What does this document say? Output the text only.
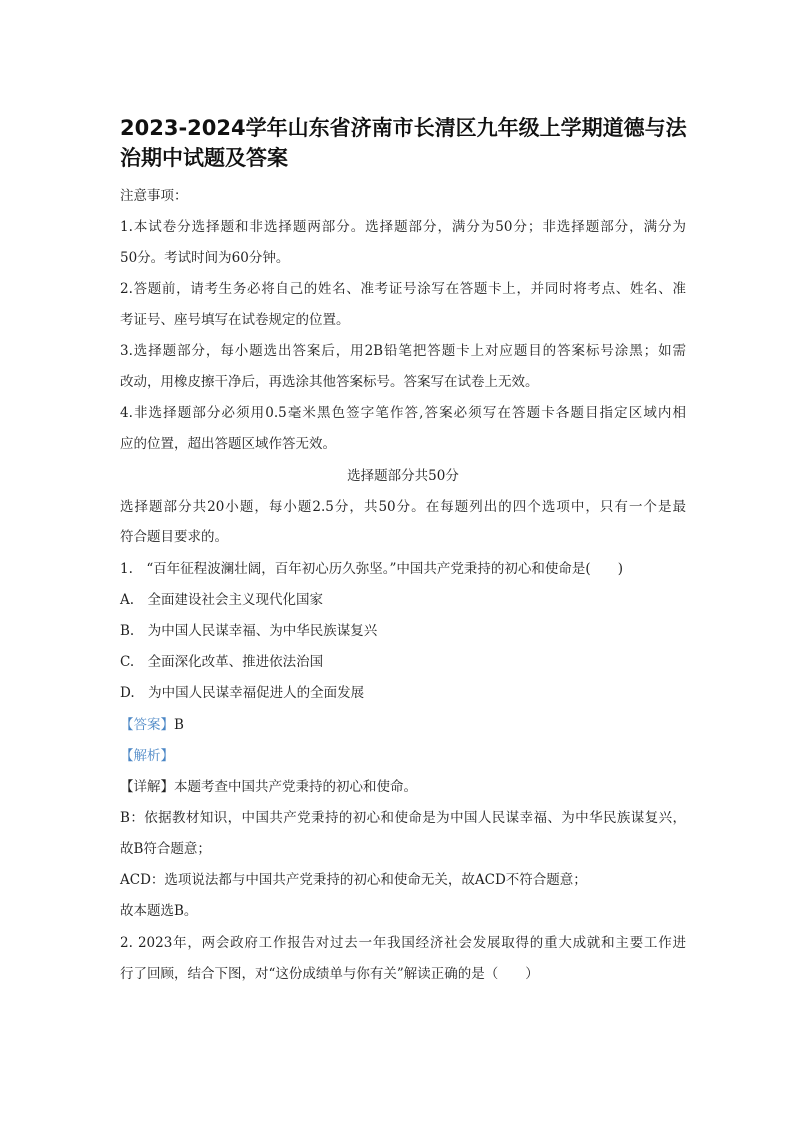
2023-2024学年山东省济南市长清区九年级上学期道德与法
治期中试题及答案
注意事项：
1.本试卷分选择题和非选择题两部分。选择题部分，满分为50分；非选择题部分，满分为
50分。考试时间为60分钟。
2.答题前，请考生务必将自己的姓名、准考证号涂写在答题卡上，并同时将考点、姓名、准
考证号、座号填写在试卷规定的位置。
3.选择题部分，每小题选出答案后，用2B铅笔把答题卡上对应题目的答案标号涂黑；如需
改动，用橡皮擦干净后，再选涂其他答案标号。答案写在试卷上无效。
4.非选择题部分必须用0.5毫米黑色签字笔作答,答案必须写在答题卡各题目指定区域内相
应的位置，超出答题区域作答无效。
选择题部分共50分
选择题部分共20小题，每小题2.5分，共50分。在每题列出的四个选项中，只有一个是最
符合题目要求的。
1.　“百年征程波澜壮阔，百年初心历久弥坚。”中国共产党秉持的初心和使命是(　　)
A.　全面建设社会主义现代化国家
B.　为中国人民谋幸福、为中华民族谋复兴
C.　全面深化改革、推进依法治国
D.　为中国人民谋幸福促进人的全面发展
【答案】B
【解析】
【详解】本题考查中国共产党秉持的初心和使命。
B：依据教材知识，中国共产党秉持的初心和使命是为中国人民谋幸福、为中华民族谋复兴，
故B符合题意；
ACD：选项说法都与中国共产党秉持的初心和使命无关，故ACD不符合题意；
故本题选B。
2. 2023年，两会政府工作报告对过去一年我国经济社会发展取得的重大成就和主要工作进
行了回顾，结合下图，对“这份成绩单与你有关”解读正确的是（　　）
